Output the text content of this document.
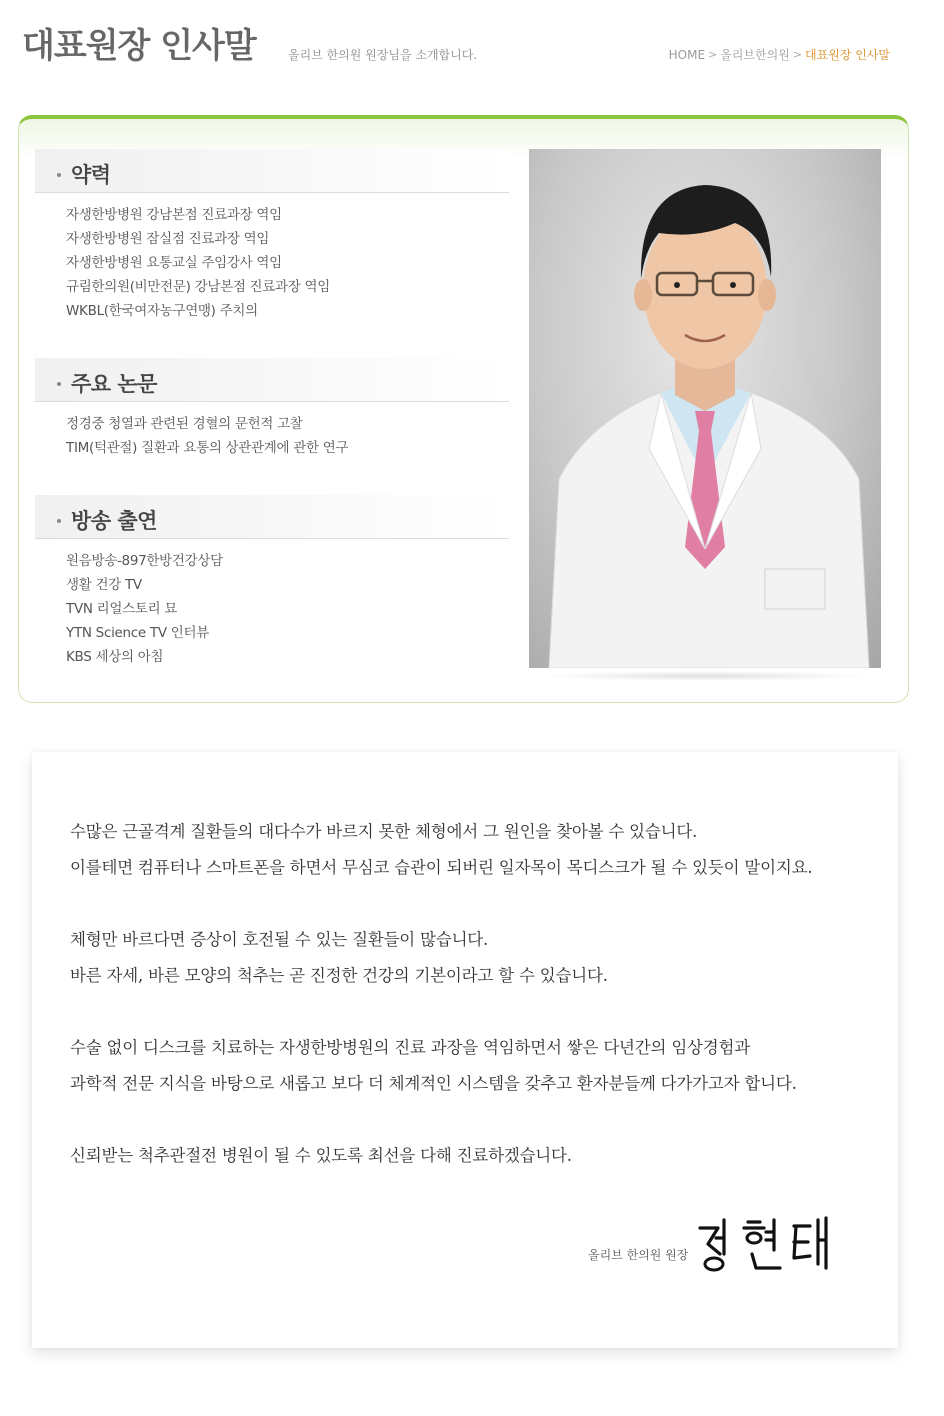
대표원장 인사말	올리브 한의원 원장님을 소개합니다.	HOME > 올리브한의원 > 대표원장 인사말
약력
자생한방병원 강남본점 진료과장 역임
자생한방병원 잠실점 진료과장 역임
자생한방병원 요통교실 주임강사 역임
규림한의원(비만전문) 강남본점 진료과장 역임
WKBL(한국여자농구연맹) 주치의
주요 논문
정경중 청열과 관련된 경혈의 문헌적 고찰
TIM(턱관절) 질환과 요통의 상관관계에 관한 연구
방송 출연
원음방송-897한방건강상담
생활 건강 TV
TVN 리얼스토리 묘
YTN Science TV 인터뷰
KBS 세상의 아침

수많은 근골격계 질환들의 대다수가 바르지 못한 체형에서 그 원인을 찾아볼 수 있습니다.

이를테면 컴퓨터나 스마트폰을 하면서 무심코 습관이 되버린 일자목이 목디스크가 될 수 있듯이 말이지요.

체형만 바르다면 증상이 호전될 수 있는 질환들이 많습니다.

바른 자세, 바른 모양의 척추는 곧 진정한 건강의 기본이라고 할 수 있습니다.

수술 없이 디스크를 치료하는 자생한방병원의 진료 과장을 역임하면서 쌓은 다년간의 임상경험과

과학적 전문 지식을 바탕으로 새롭고 보다 더 체계적인 시스템을 갖추고 환자분들께 다가가고자 합니다.

신뢰받는 척추관절전 병원이 될 수 있도록 최선을 다해 진료하겠습니다.

올리브 한의원 원장
